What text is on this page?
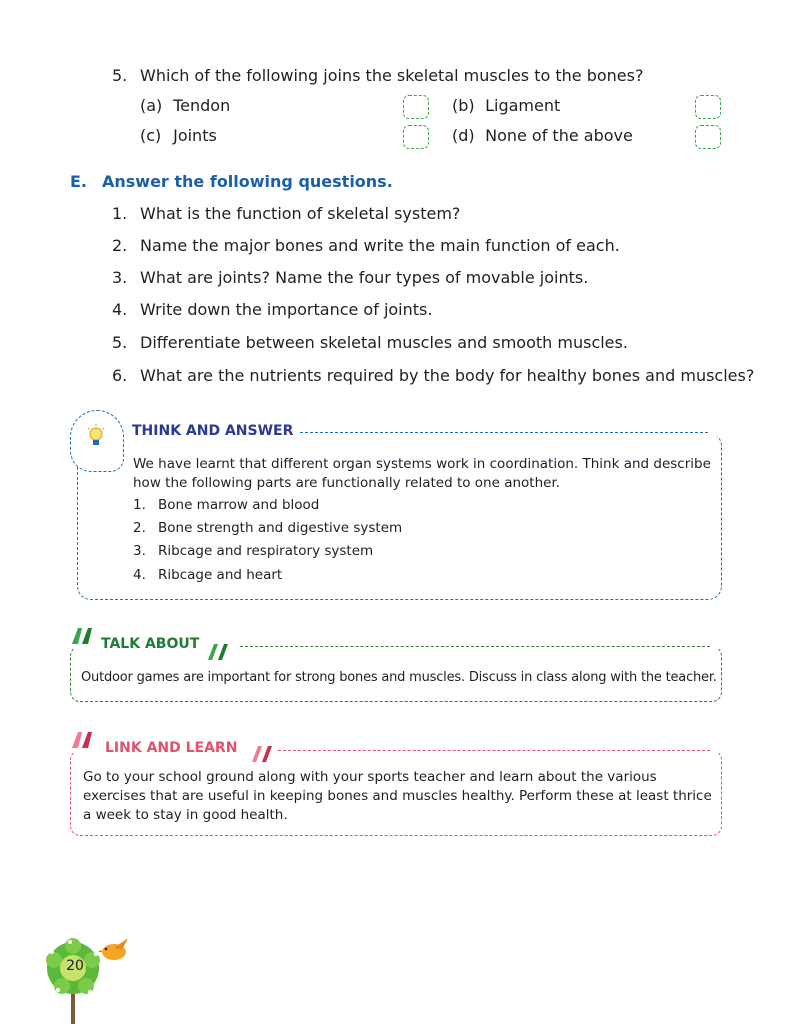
5. Which of the following joins the skeletal muscles to the bones?
(a) Tendon	(b) Ligament
(c) Joints	(d) None of the above
E. Answer the following questions.
1. What is the function of skeletal system?
2. Name the major bones and write the main function of each.
3. What are joints? Name the four types of movable joints.
4. Write down the importance of joints.
5. Differentiate between skeletal muscles and smooth muscles.
6. What are the nutrients required by the body for healthy bones and muscles?
THINK AND ANSWER
We have learnt that different organ systems work in coordination. Think and describe how the following parts are functionally related to one another.
1. Bone marrow and blood
2. Bone strength and digestive system
3. Ribcage and respiratory system
4. Ribcage and heart
TALK ABOUT
Outdoor games are important for strong bones and muscles. Discuss in class along with the teacher.
LINK AND LEARN
Go to your school ground along with your sports teacher and learn about the various exercises that are useful in keeping bones and muscles healthy. Perform these at least thrice a week to stay in good health.
20
